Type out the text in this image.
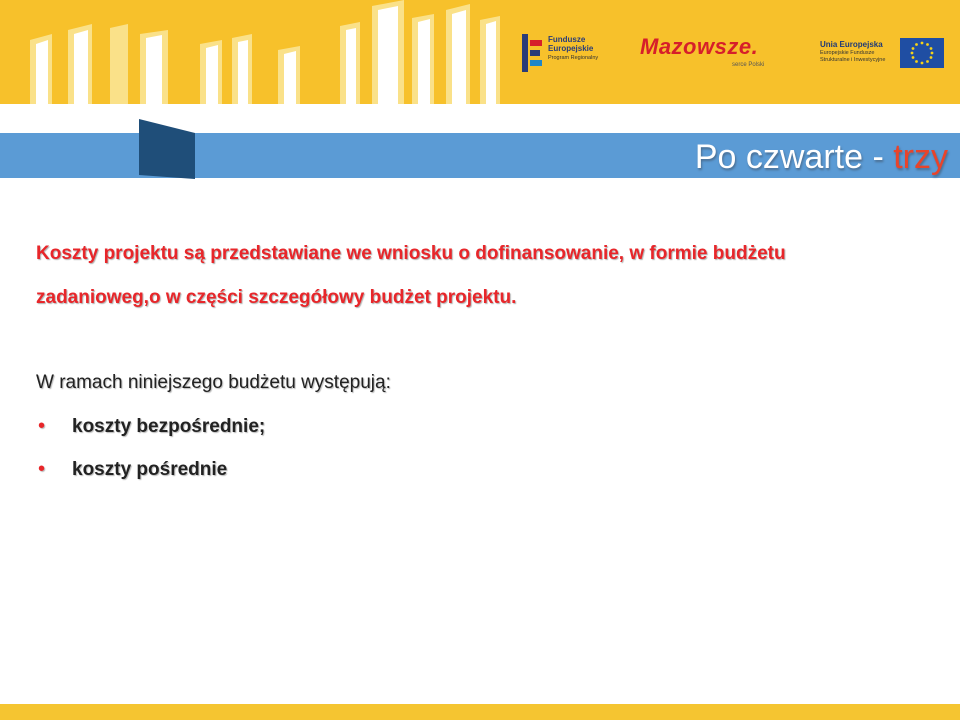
Fundusze
Europejskie
Program Regionalny Mazowsze.
serce Polski
Unia Europejska
Europejskie Fundusze
Strukturalne i Inwestycyjne
Po czwarte - trzy
Koszty projektu są przedstawiane we wniosku o dofinansowanie, w formie budżetu
zadanioweg,o w części szczegółowy budżet projektu.
W ramach niniejszego budżetu występują:
• koszty bezpośrednie;
• koszty pośrednie
